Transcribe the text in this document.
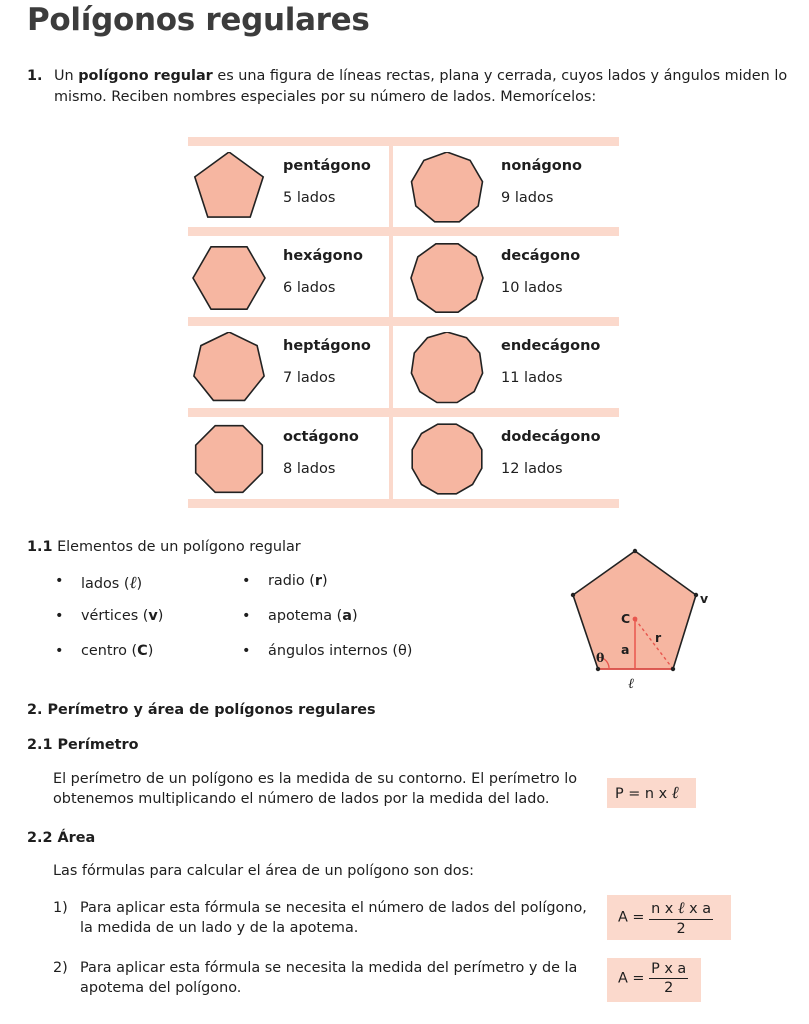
Polígonos regulares
1. Un polígono regular es una figura de líneas rectas, plana y cerrada, cuyos lados y ángulos miden lo mismo. Reciben nombres especiales por su número de lados. Memorícelos:
pentágono
5 lados
nonágono
9 lados
hexágono
6 lados
decágono
10 lados
heptágono
7 lados
endecágono
11 lados
octágono
8 lados
dodecágono
12 lados
1.1 Elementos de un polígono regular
• lados (ℓ)	• radio (r)
• vértices (v)	• apotema (a)
• centro (C)	• ángulos internos (θ)
C
r
a
v
θ
ℓ
2. Perímetro y área de polígonos regulares
2.1 Perímetro
El perímetro de un polígono es la medida de su contorno. El perímetro lo obtenemos multiplicando el número de lados por la medida del lado.	P = n x ℓ
2.2 Área
Las fórmulas para calcular el área de un polígono son dos:
1) Para aplicar esta fórmula se necesita el número de lados del polígono, la medida de un lado y de la apotema.
$A = \frac{\text{n x ℓ x a}}{2}$
2) Para aplicar esta fórmula se necesita la medida del perímetro y de la apotema del polígono.
$A = \frac{\text{P x a}}{2}$
